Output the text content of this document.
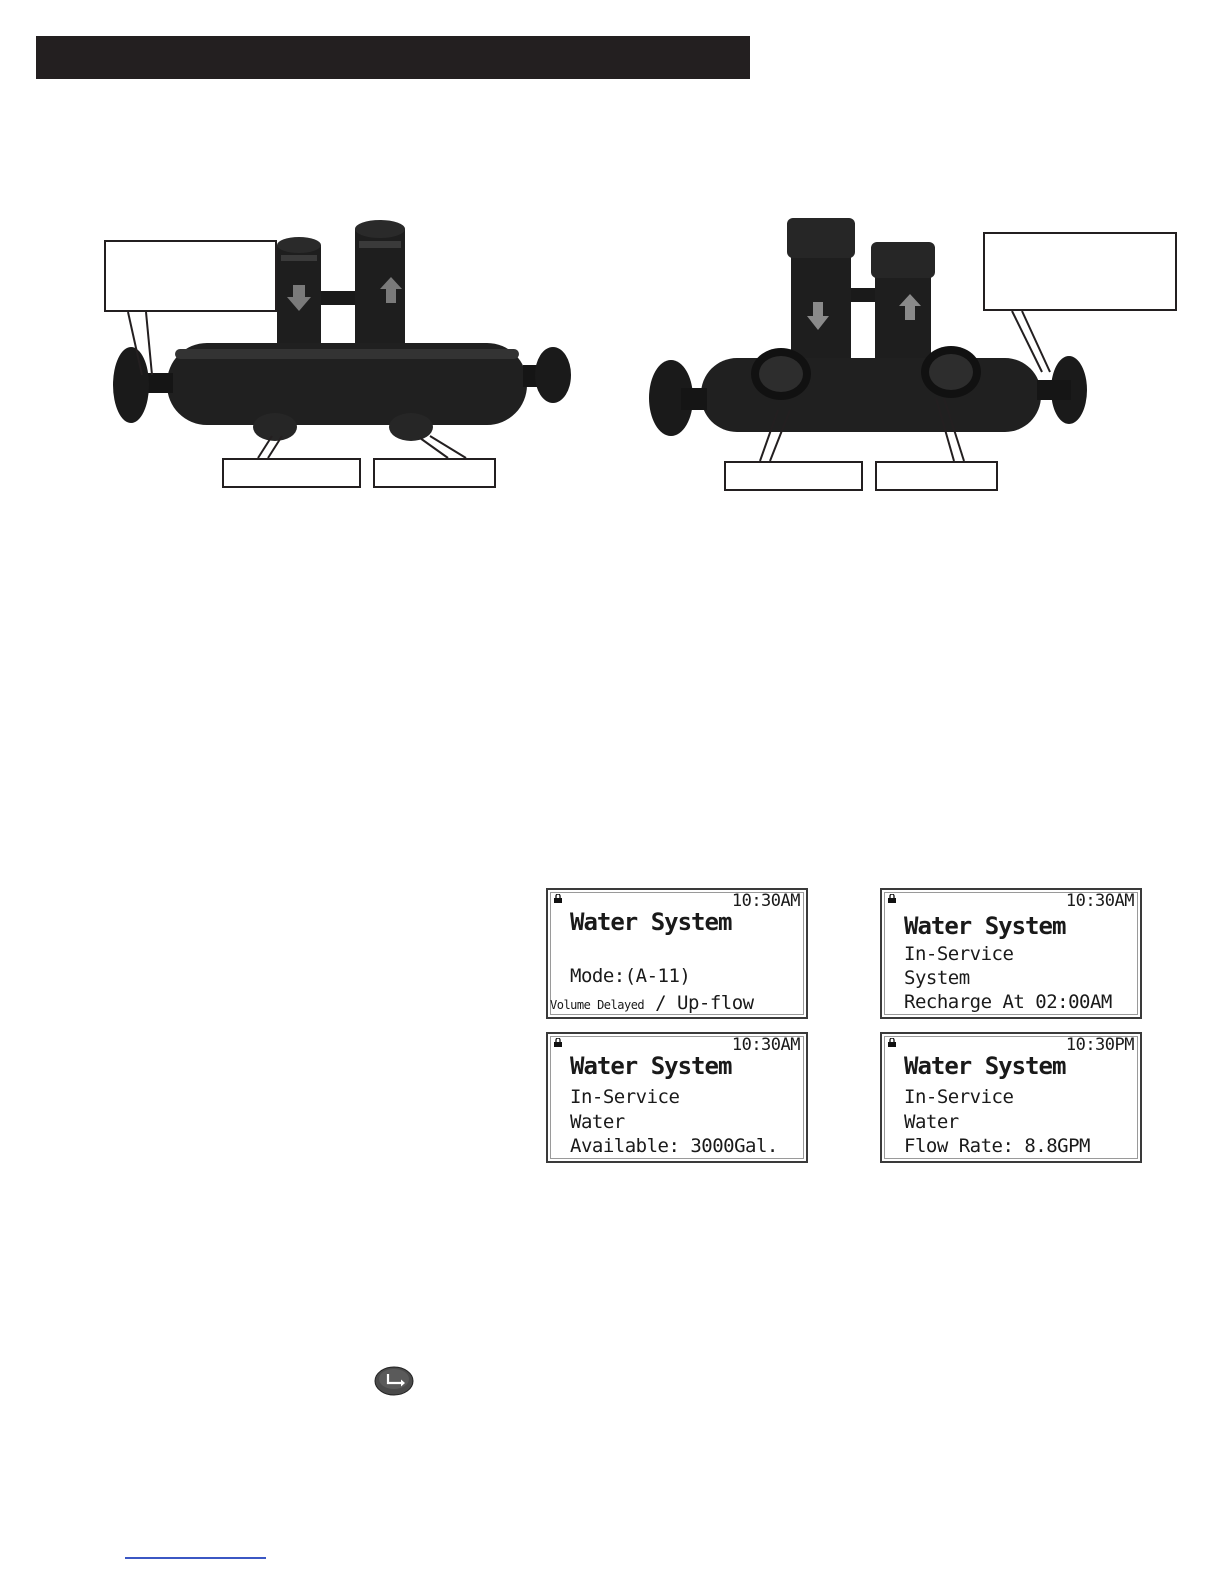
10:30AM
Water System
Mode:(A-11)
Volume Delayed / Up-flow
10:30AM
Water System
In-Service
System
Recharge At 02:00AM
10:30AM
Water System
In-Service
Water
Available: 3000Gal.
10:30PM
Water System
In-Service
Water
Flow Rate: 8.8GPM
